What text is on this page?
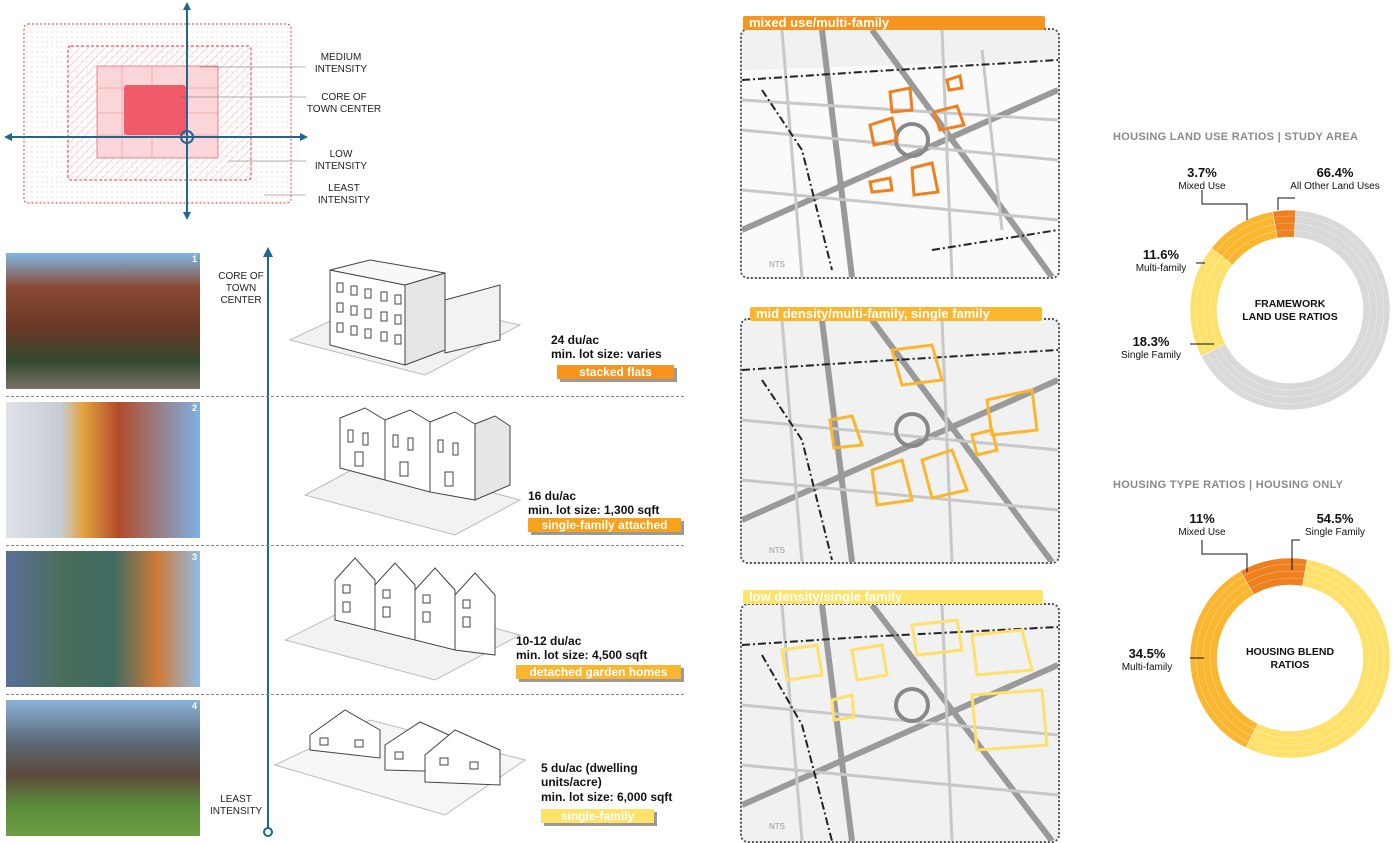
MEDIUM
INTENSITY
CORE OF
TOWN CENTER
LOW
INTENSITY
LEAST
INTENSITY
1
2
3
4
CORE OF
TOWN
CENTER
LEAST
INTENSITY
24 du/ac
min. lot size: varies
stacked flats
16 du/ac
min. lot size: 1,300 sqft
single-family attached
10-12 du/ac
min. lot size: 4,500 sqft
detached garden homes
5 du/ac (dwelling
units/acre)
min. lot size: 6,000 sqft
single-family
NTS
mixed use/multi-family
NTS
mid density/multi-family, single family
NTS
low density/single family
HOUSING LAND USE RATIOS | STUDY AREA
FRAMEWORK
LAND USE RATIOS
3.7%
Mixed Use
66.4%
All Other Land Uses
11.6%
Multi-family
18.3%
Single Family
HOUSING TYPE RATIOS | HOUSING ONLY
HOUSING BLEND
RATIOS
11%
Mixed Use
54.5%
Single Family
34.5%
Multi-family
